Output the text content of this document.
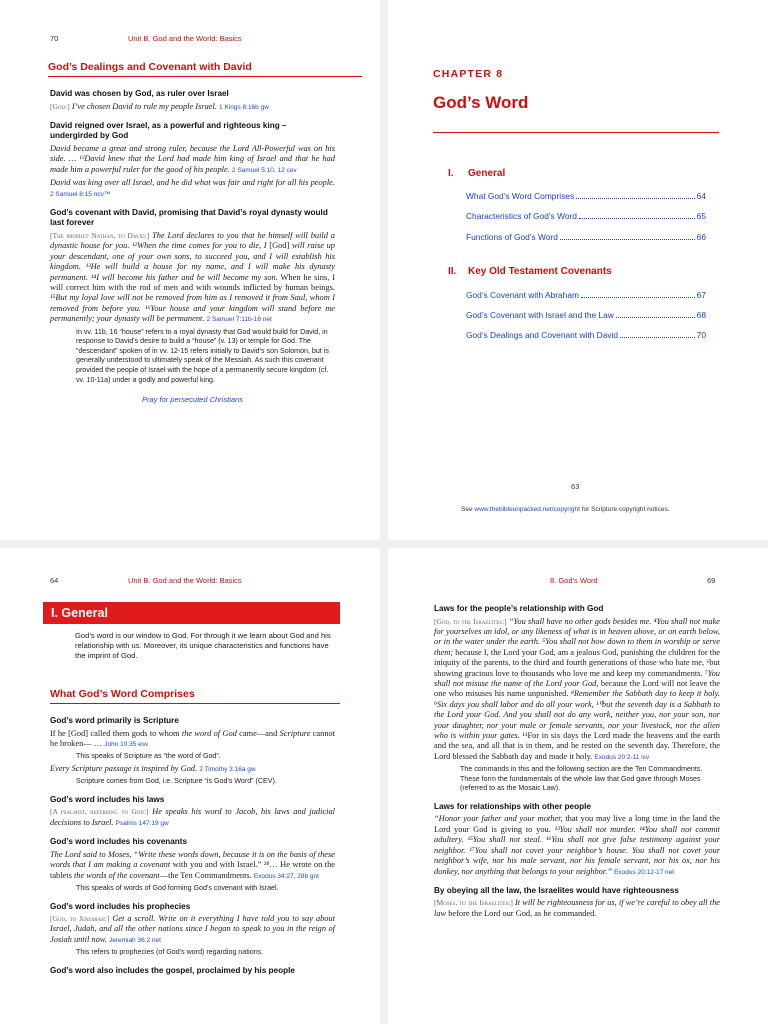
70	Unit B. God and the World: Basics
God’s Dealings and Covenant with David
David was chosen by God, as ruler over Israel

[God:] I’ve chosen David to rule my people Israel. 1 Kings 8:16b gw

David reigned over Israel, as a powerful and righteous king – undergirded by God

David became a great and strong ruler, because the Lord All-Powerful was on his side. … ¹²David knew that the Lord had made him king of Israel and that he had made him a powerful ruler for the good of his people. 2 Samuel 5:10, 12 cev

David was king over all Israel, and he did what was fair and right for all his people. 2 Samuel 8:15 ncv™

God’s covenant with David, promising that David’s royal dynasty would last forever

[The prophet Nathan, to David:] The Lord declares to you that he himself will build a dynastic house for you. ¹²When the time comes for you to die, I [God] will raise up your descendant, one of your own sons, to succeed you, and I will establish his kingdom. ¹³He will build a house for my name, and I will make his dynasty permanent. ¹⁴I will become his father and he will become my son. When he sins, I will correct him with the rod of men and with wounds inflicted by human beings. ¹⁵But my loyal love will not be removed from him as I removed it from Saul, whom I removed from before you. ¹⁶Your house and your kingdom will stand before me permanently; your dynasty will be permanent. 2 Samuel 7:11b-16 net

In vv. 11b, 16 “house” refers to a royal dynasty that God would build for David, in response to David’s desire to build a “house” (v. 13) or temple for God. The “descendant” spoken of in vv. 12-15 refers initially to David’s son Solomon, but is generally understood to ultimately speak of the Messiah. As such this covenant provided the people of Israel with the hope of a permanently secure kingdom (cf. vv. 10-11a) under a godly and powerful king.
Pray for persecuted Christians
CHAPTER 8
God’s Word
I. General
What God’s Word Comprises	64
Characteristics of God’s Word	65
Functions of God’s Word	66
II. Key Old Testament Covenants
God’s Covenant with Abraham	67
God’s Covenant with Israel and the Law	68
God’s Dealings and Covenant with David	70
63
See www.thebibleunpacked.net/copyright for Scripture copyright notices.
64	Unit B. God and the World: Basics
I. General

God’s word is our window to God. For through it we learn about God and his relationship with us. Moreover, its unique characteristics and functions have the imprint of God.

What God’s Word Comprises
God’s word primarily is Scripture

If he [God] called them gods to whom the word of God came—and Scripture cannot be broken— … John 10:35 esv

This speaks of Scripture as “the word of God”.

Every Scripture passage is inspired by God. 2 Timothy 3:16a gw

Scripture comes from God, i.e. Scripture “is God’s Word” (CEV).
God’s word includes his laws

[A psalmist, referring to God:] He speaks his word to Jacob, his laws and judicial decisions to Israel. Psalms 147:19 gw

God’s word includes his covenants

The Lord said to Moses, “Write these words down, because it is on the basis of these words that I am making a covenant with you and with Israel.” ²⁸… He wrote on the tablets the words of the covenant—the Ten Commandments. Exodus 34:27, 28b gnt

This speaks of words of God forming God’s covenant with Israel.
God’s word includes his prophecies

[God, to Jeremiah:] Get a scroll. Write on it everything I have told you to say about Israel, Judah, and all the other nations since I began to speak to you in the reign of Josiah until now. Jeremiah 36:2 net

This refers to prophecies (of God’s word) regarding nations.
God’s word also includes the gospel, proclaimed by his people
8. God’s Word	69
Laws for the people’s relationship with God

[God, to the Israelites:] “You shall have no other gods besides me. ⁴You shall not make for yourselves an idol, or any likeness of what is in heaven above, or on earth below, or in the water under the earth. ⁵You shall not bow down to them in worship or serve them; because I, the Lord your God, am a jealous God, punishing the children for the iniquity of the parents, to the third and fourth generations of those who hate me, ⁶but showing gracious love to thousands who love me and keep my commandments. ⁷You shall not misuse the name of the Lord your God, because the Lord will not leave the one who misuses his name unpunished. ⁸Remember the Sabbath day to keep it holy. ⁹Six days you shall labor and do all your work, ¹⁰but the seventh day is a Sabbath to the Lord your God. And you shall not do any work, neither you, nor your son, nor your daughter, nor your male or female servants, nor your livestock, nor the alien who is within your gates. ¹¹For in six days the Lord made the heavens and the earth and the sea, and all that is in them, and he rested on the seventh day. Therefore, the Lord blessed the Sabbath day and made it holy. Exodus 20:2-11 isv

The commands in this and the following section are the Ten Commandments. These form the fundamentals of the whole law that God gave through Moses (referred to as the Mosaic Law).
Laws for relationships with other people

“Honor your father and your mother, that you may live a long time in the land the Lord your God is giving to you. ¹³You shall not murder. ¹⁴You shall not commit adultery. ¹⁵You shall not steal. ¹⁶You shall not give false testimony against your neighbor. ¹⁷You shall not covet your neighbor’s house. You shall not covet your neighbor’s wife, nor his male servant, nor his female servant, nor his ox, nor his donkey, nor anything that belongs to your neighbor.” Exodus 20:12-17 net

By obeying all the law, the Israelites would have righteousness

[Moses, to the Israelites:] It will be righteousness for us, if we’re careful to obey all the law before the Lord our God, as he commanded.
